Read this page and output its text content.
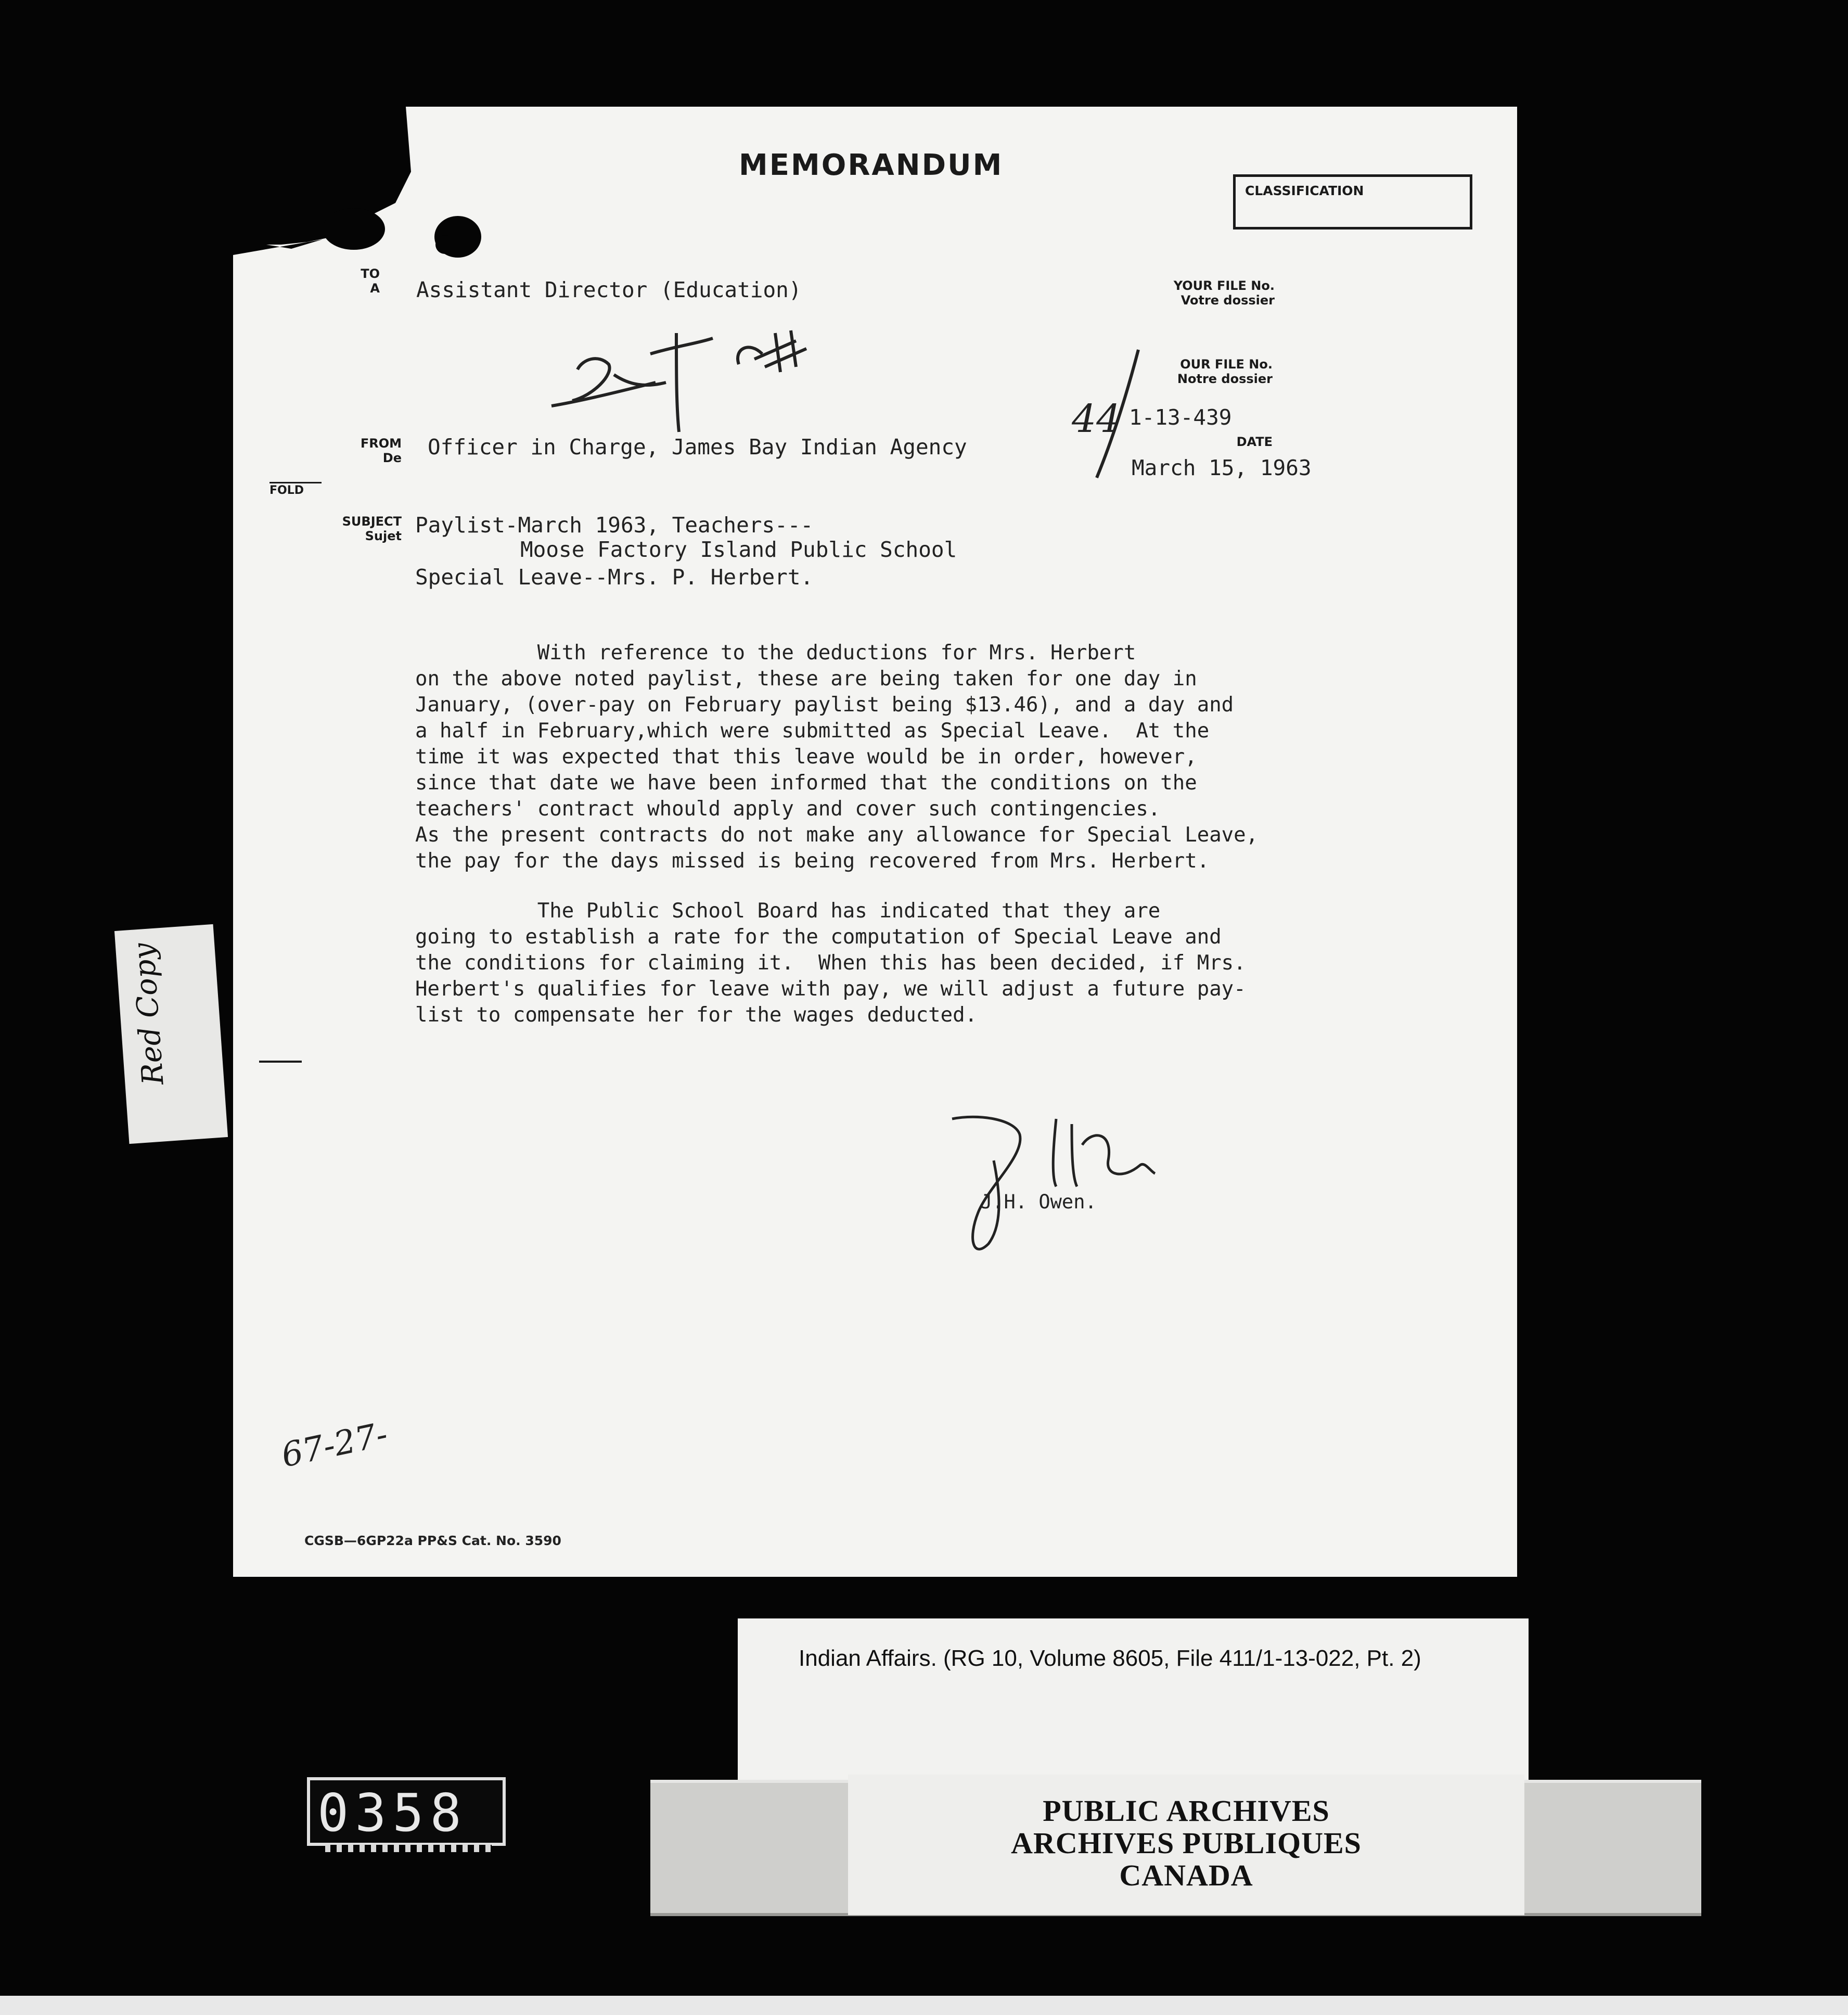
MEMORANDUM
CLASSIFICATION
TO
A Assistant Director (Education)
FROM
De Officer in Charge, James Bay Indian Agency
FOLD
SUBJECT
Sujet Paylist-March 1963, Teachers---
Moose Factory Island Public School
Special Leave--Mrs. P. Herbert.
YOUR FILE No.
Votre dossier
OUR FILE No.
Notre dossier
44 1-13-439
DATE
March 15, 1963
With reference to the deductions for Mrs. Herbert
on the above noted paylist, these are being taken for one day in
January, (over-pay on February paylist being $13.46), and a day and
a half in February,which were submitted as Special Leave.  At the
time it was expected that this leave would be in order, however,
since that date we have been informed that the conditions on the
teachers' contract whould apply and cover such contingencies.
As the present contracts do not make any allowance for Special Leave,
the pay for the days missed is being recovered from Mrs. Herbert.
The Public School Board has indicated that they are
going to establish a rate for the computation of Special Leave and
the conditions for claiming it.  When this has been decided, if Mrs.
Herbert's qualifies for leave with pay, we will adjust a future pay-
list to compensate her for the wages deducted.
J.H. Owen.
67-27-
CGSB—6GP22a PP&S Cat. No. 3590
Red Copy
Indian Affairs. (RG 10, Volume 8605, File 411/1-13-022, Pt. 2)
PUBLIC ARCHIVES
ARCHIVES PUBLIQUES
CANADA
0358
